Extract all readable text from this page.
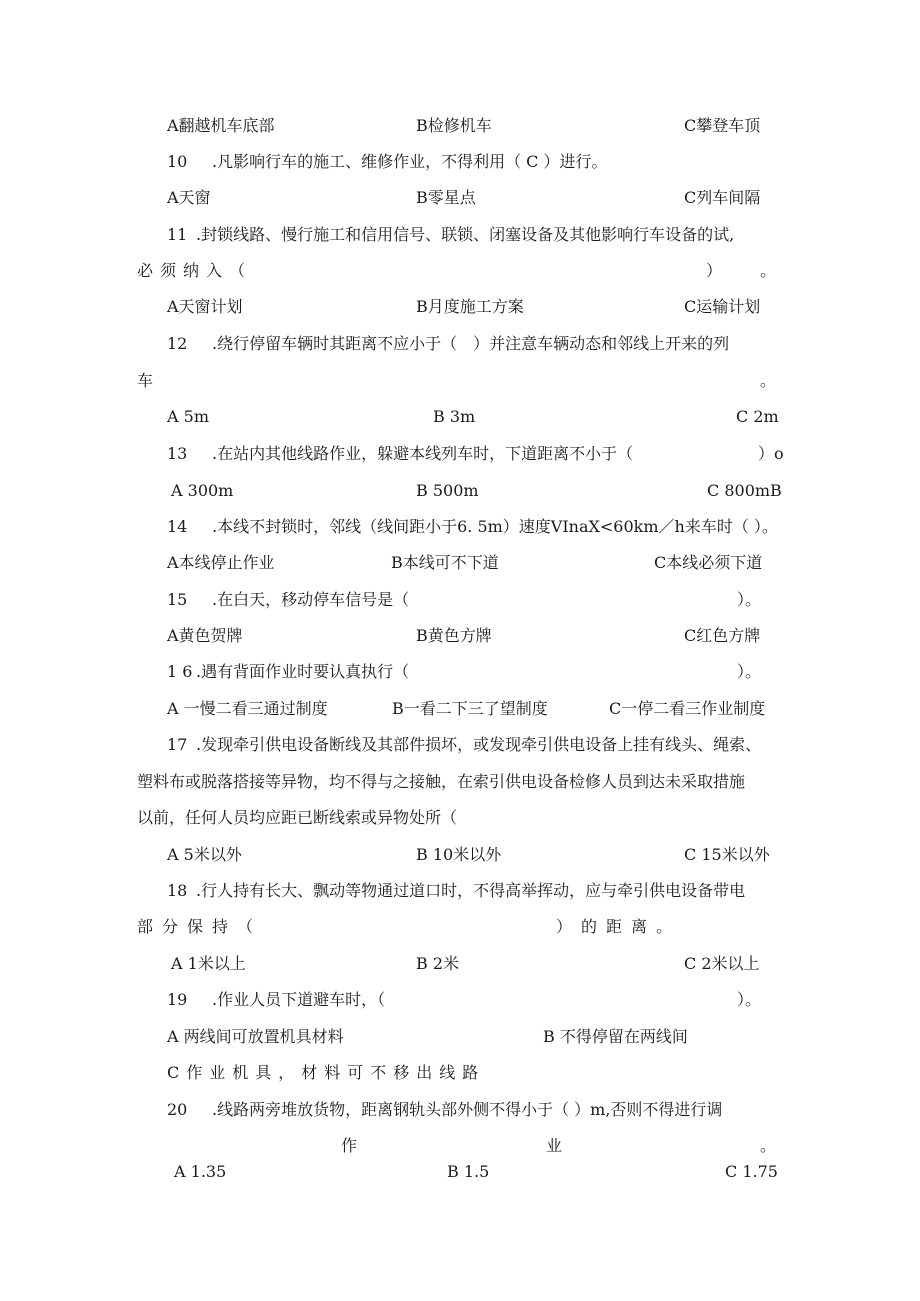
A翻越机车底部	B检修机车	C攀登车顶
10 .凡影响行车的施工、维修作业，不得利用（ C ）进行。
A天窗	B零星点	C列车间隔
11 .封锁线路、慢行施工和信用信号、联锁、闭塞设备及其他影响行车设备的试,
必须纳入（	） 。
A天窗计划	B月度施工方案	C运输计划
12 .绕行停留车辆时其距离不应小于（　）并注意车辆动态和邻线上开来的列
车	。
A 5m	B 3m	C 2m
13 .在站内其他线路作业，躲避本线列车时，下道距离不小于（	）o
A 300m	B 500m	C 800mB
14 .本线不封锁时，邻线（线间距小于6. 5m）速度VInaX<60km／h来车时（ ）。
A本线停止作业	B本线可不下道	C本线必须下道
15 .在白天，移动停车信号是（	）。
A黄色贺牌	B黄色方牌	C红色方牌
1 6 .遇有背面作业时要认真执行（	）。
A 一慢二看三通过制度	B一看二下三了望制度	C一停二看三作业制度
17 .发现牵引供电设备断线及其部件损坏，或发现牵引供电设备上挂有线头、绳索、
塑料布或脱落搭接等异物，均不得与之接触，在索引供电设备检修人员到达未采取措施
以前，任何人员均应距已断线索或异物处所（
A 5米以外	B 10米以外	C 15米以外
18 .行人持有长大、飘动等物通过道口时，不得高举挥动，应与牵引供电设备带电
部分保持（	）的距离。
A 1米以上	B 2米	C 2米以上
19 .作业人员下道避车时，（	）。
A 两线间可放置机具材料	B 不得停留在两线间
C作业机具，材料可不移出线路
20 .线路两旁堆放货物，距离钢轨头部外侧不得小于（ ）m,否则不得进行调
作	业	。
A 1.35	B 1.5	C 1.75
